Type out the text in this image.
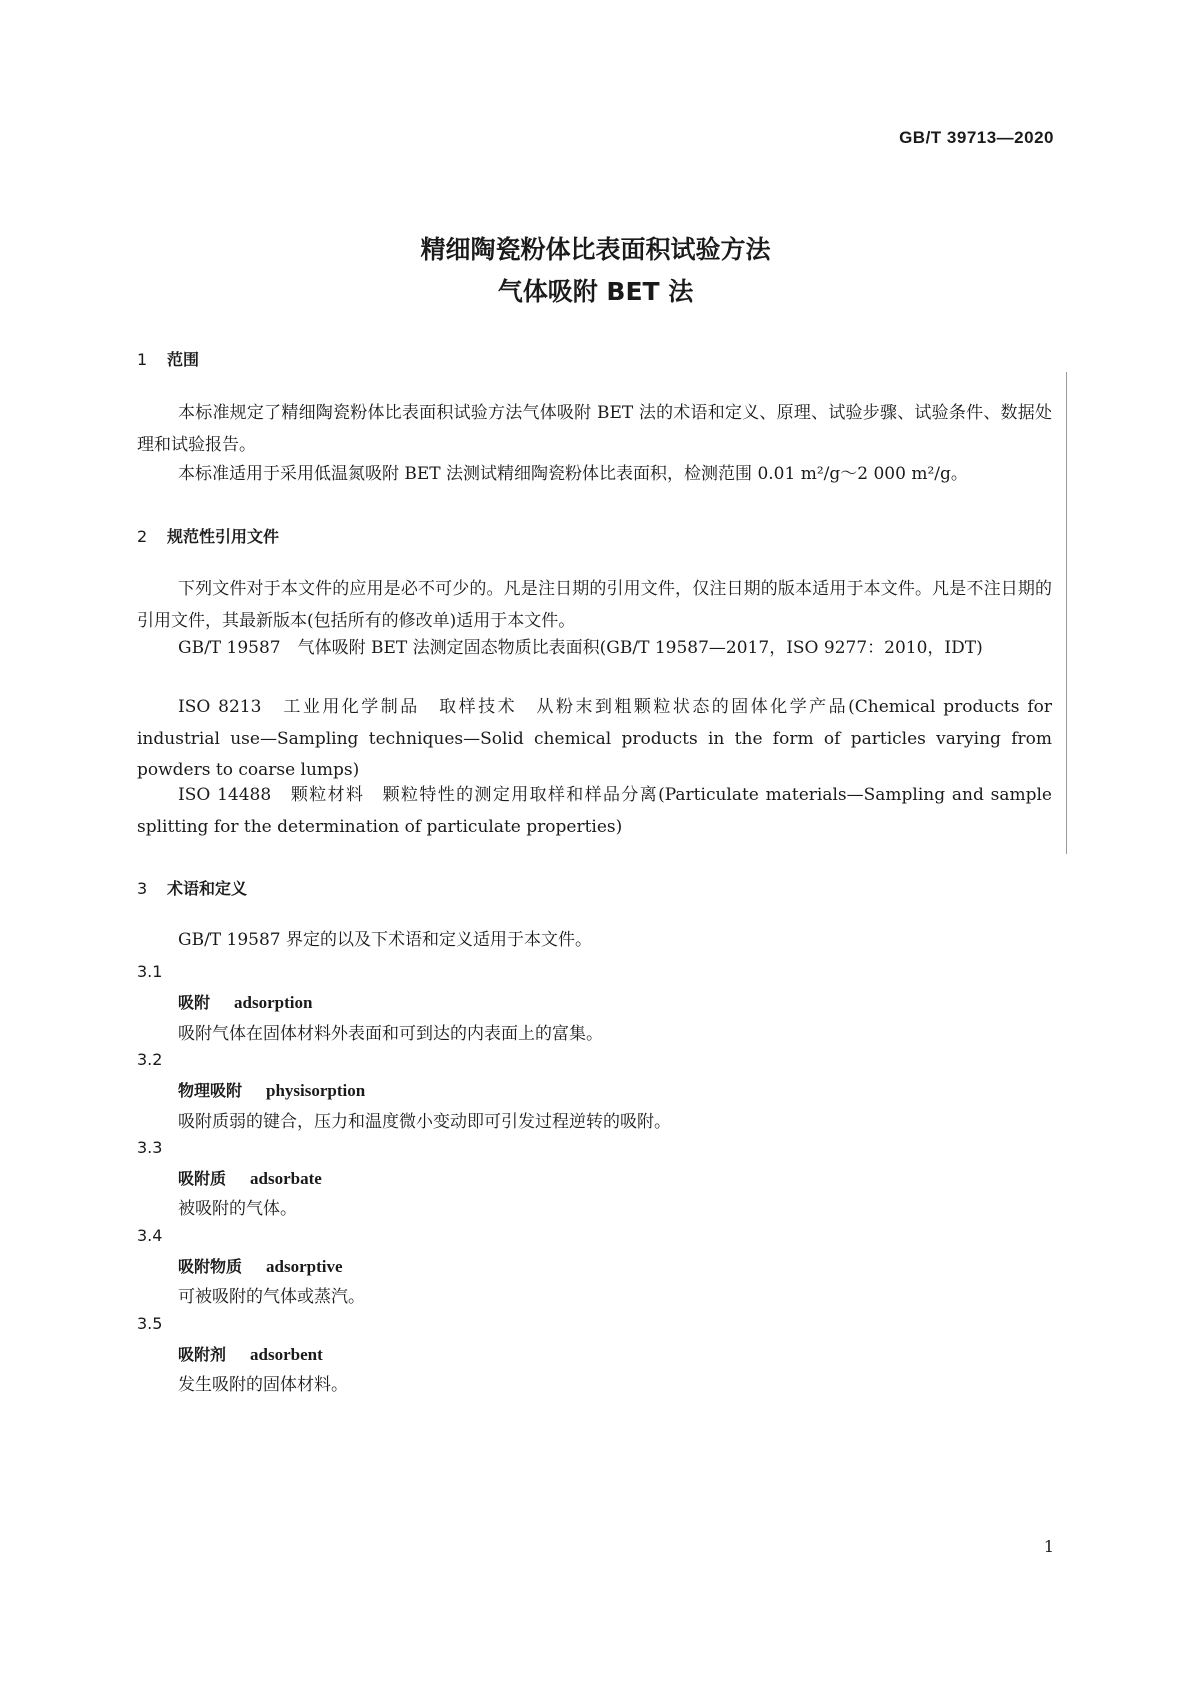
GB/T 39713—2020
精细陶瓷粉体比表面积试验方法
气体吸附 BET 法
1 范围
本标准规定了精细陶瓷粉体比表面积试验方法气体吸附 BET 法的术语和定义、原理、试验步骤、试验条件、数据处理和试验报告。
本标准适用于采用低温氮吸附 BET 法测试精细陶瓷粉体比表面积，检测范围 0.01 m²/g～2 000 m²/g。
2 规范性引用文件
下列文件对于本文件的应用是必不可少的。凡是注日期的引用文件，仅注日期的版本适用于本文件。凡是不注日期的引用文件，其最新版本(包括所有的修改单)适用于本文件。
GB/T 19587　气体吸附 BET 法测定固态物质比表面积(GB/T 19587—2017，ISO 9277：2010，IDT)
ISO 8213　工业用化学制品　取样技术　从粉末到粗颗粒状态的固体化学产品(Chemical products for industrial use—Sampling techniques—Solid chemical products in the form of particles varying from powders to coarse lumps)
ISO 14488　颗粒材料　颗粒特性的测定用取样和样品分离(Particulate materials—Sampling and sample splitting for the determination of particulate properties)
3 术语和定义
GB/T 19587 界定的以及下术语和定义适用于本文件。
3.1
吸附 adsorption
吸附气体在固体材料外表面和可到达的内表面上的富集。
3.2
物理吸附 physisorption
吸附质弱的键合，压力和温度微小变动即可引发过程逆转的吸附。
3.3
吸附质 adsorbate
被吸附的气体。
3.4
吸附物质 adsorptive
可被吸附的气体或蒸汽。
3.5
吸附剂 adsorbent
发生吸附的固体材料。
1
